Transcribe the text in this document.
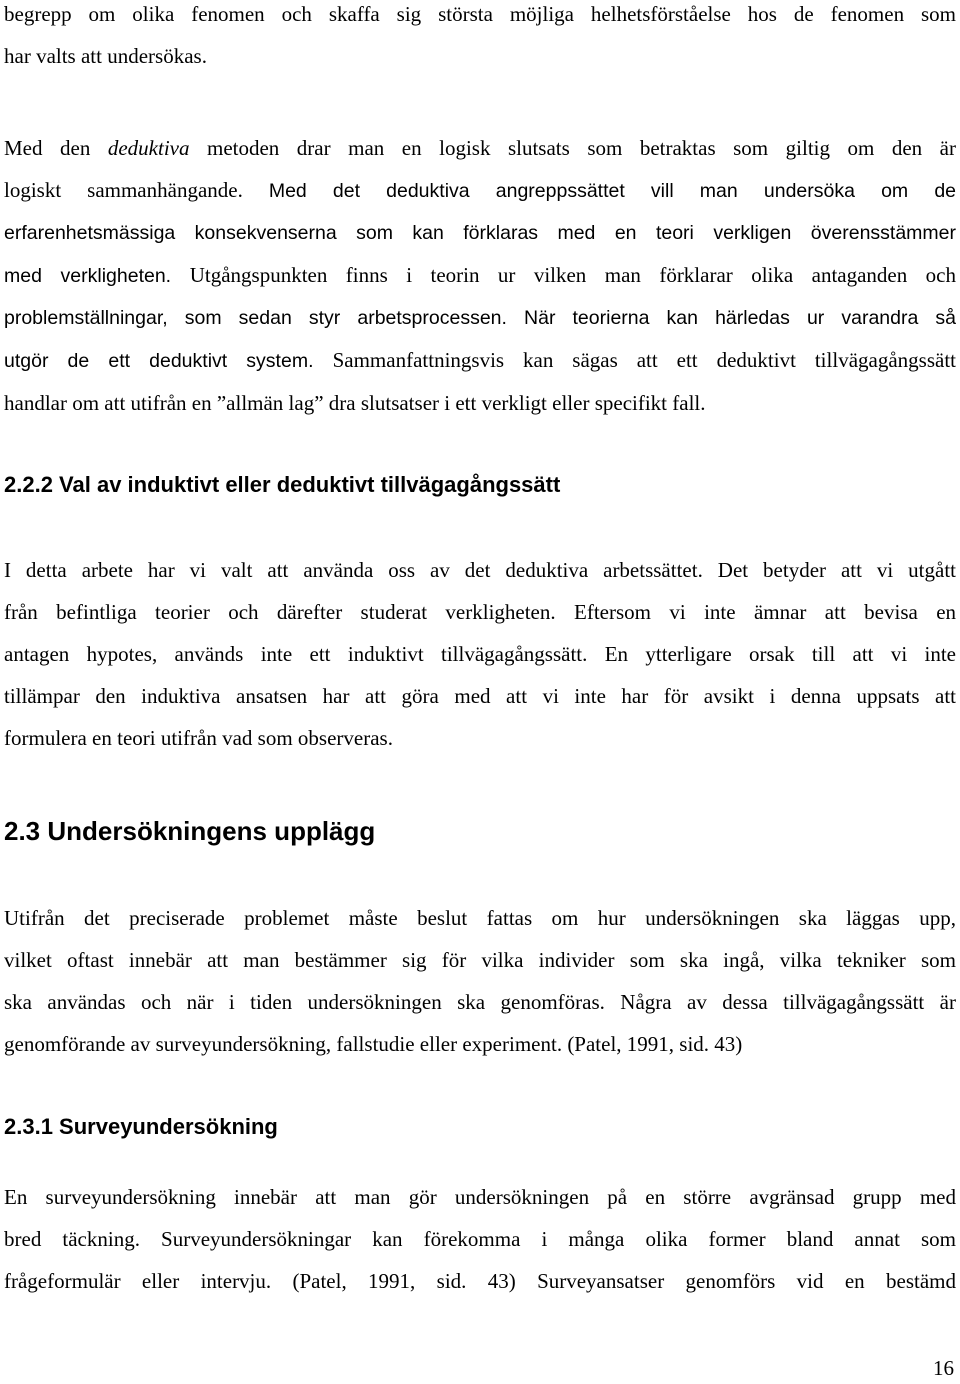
begrepp om olika fenomen och skaffa sig största möjliga helhetsförståelse hos de fenomen som
har valts att undersökas.

Med den deduktiva metoden drar man en logisk slutsats som betraktas som giltig om den är
logiskt sammanhängande. Med det deduktiva angreppssättet vill man undersöka om de
erfarenhetsmässiga konsekvenserna som kan förklaras med en teori verkligen överensstämmer
med verkligheten. Utgångspunkten finns i teorin ur vilken man förklarar olika antaganden och
problemställningar, som sedan styr arbetsprocessen. När teorierna kan härledas ur varandra så
utgör de ett deduktivt system. Sammanfattningsvis kan sägas att ett deduktivt tillvägagångssätt
handlar om att utifrån en ”allmän lag” dra slutsatser i ett verkligt eller specifikt fall.

2.2.2 Val av induktivt eller deduktivt tillvägagångssätt

I detta arbete har vi valt att använda oss av det deduktiva arbetssättet. Det betyder att vi utgått
från befintliga teorier och därefter studerat verkligheten. Eftersom vi inte ämnar att bevisa en
antagen hypotes, används inte ett induktivt tillvägagångssätt. En ytterligare orsak till att vi inte
tillämpar den induktiva ansatsen har att göra med att vi inte har för avsikt i denna uppsats att
formulera en teori utifrån vad som observeras.

2.3 Undersökningens upplägg

Utifrån det preciserade problemet måste beslut fattas om hur undersökningen ska läggas upp,
vilket oftast innebär att man bestämmer sig för vilka individer som ska ingå, vilka tekniker som
ska användas och när i tiden undersökningen ska genomföras. Några av dessa tillvägagångssätt är
genomförande av surveyundersökning, fallstudie eller experiment. (Patel, 1991, sid. 43)

2.3.1 Surveyundersökning

En surveyundersökning innebär att man gör undersökningen på en större avgränsad grupp med
bred täckning. Surveyundersökningar kan förekomma i många olika former bland annat som
frågeformulär eller intervju. (Patel, 1991, sid. 43) Surveyansatser genomförs vid en bestämd

16
